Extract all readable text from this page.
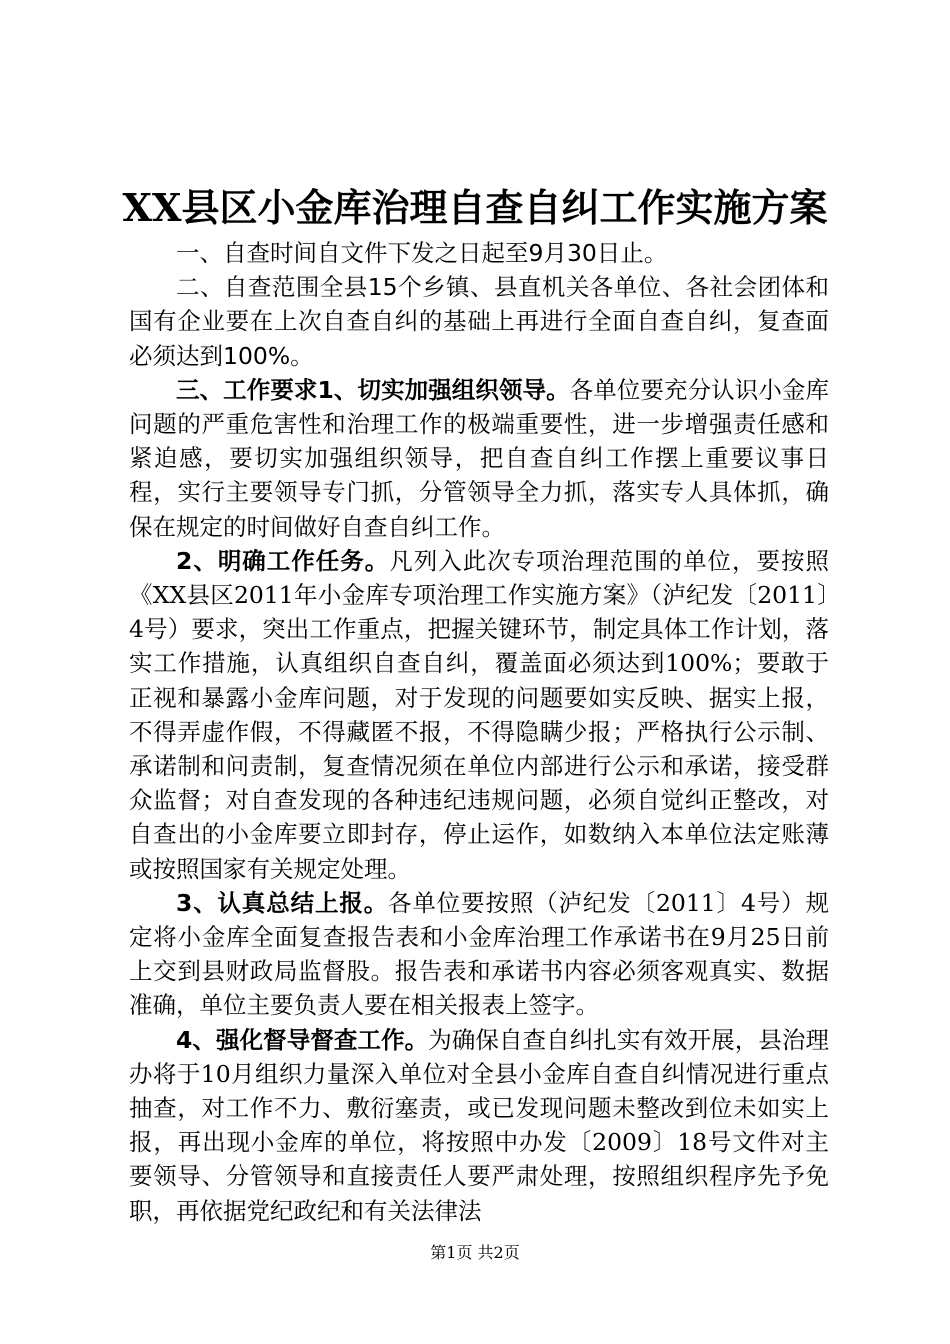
XX县区小金库治理自查自纠工作实施方案

一、自查时间自文件下发之日起至9月30日止。

二、自查范围全县15个乡镇、县直机关各单位、各社会团体和国有企业要在上次自查自纠的基础上再进行全面自查自纠，复查面必须达到100%。

三、工作要求1、切实加强组织领导。各单位要充分认识小金库问题的严重危害性和治理工作的极端重要性，进一步增强责任感和紧迫感，要切实加强组织领导，把自查自纠工作摆上重要议事日程，实行主要领导专门抓，分管领导全力抓，落实专人具体抓，确保在规定的时间做好自查自纠工作。

2、明确工作任务。凡列入此次专项治理范围的单位，要按照《XX县区2011年小金库专项治理工作实施方案》（泸纪发〔2011〕4号）要求，突出工作重点，把握关键环节，制定具体工作计划，落实工作措施，认真组织自查自纠，覆盖面必须达到100%；要敢于正视和暴露小金库问题，对于发现的问题要如实反映、据实上报，不得弄虚作假，不得藏匿不报，不得隐瞒少报；严格执行公示制、承诺制和问责制，复查情况须在单位内部进行公示和承诺，接受群众监督；对自查发现的各种违纪违规问题，必须自觉纠正整改，对自查出的小金库要立即封存，停止运作，如数纳入本单位法定账薄或按照国家有关规定处理。

3、认真总结上报。各单位要按照（泸纪发〔2011〕4号）规定将小金库全面复查报告表和小金库治理工作承诺书在9月25日前上交到县财政局监督股。报告表和承诺书内容必须客观真实、数据准确，单位主要负责人要在相关报表上签字。

4、强化督导督查工作。为确保自查自纠扎实有效开展，县治理办将于10月组织力量深入单位对全县小金库自查自纠情况进行重点抽查，对工作不力、敷衍塞责，或已发现问题未整改到位未如实上报，再出现小金库的单位，将按照中办发〔2009〕18号文件对主要领导、分管领导和直接责任人要严肃处理，按照组织程序先予免职，再依据党纪政纪和有关法律法

第1页 共2页
